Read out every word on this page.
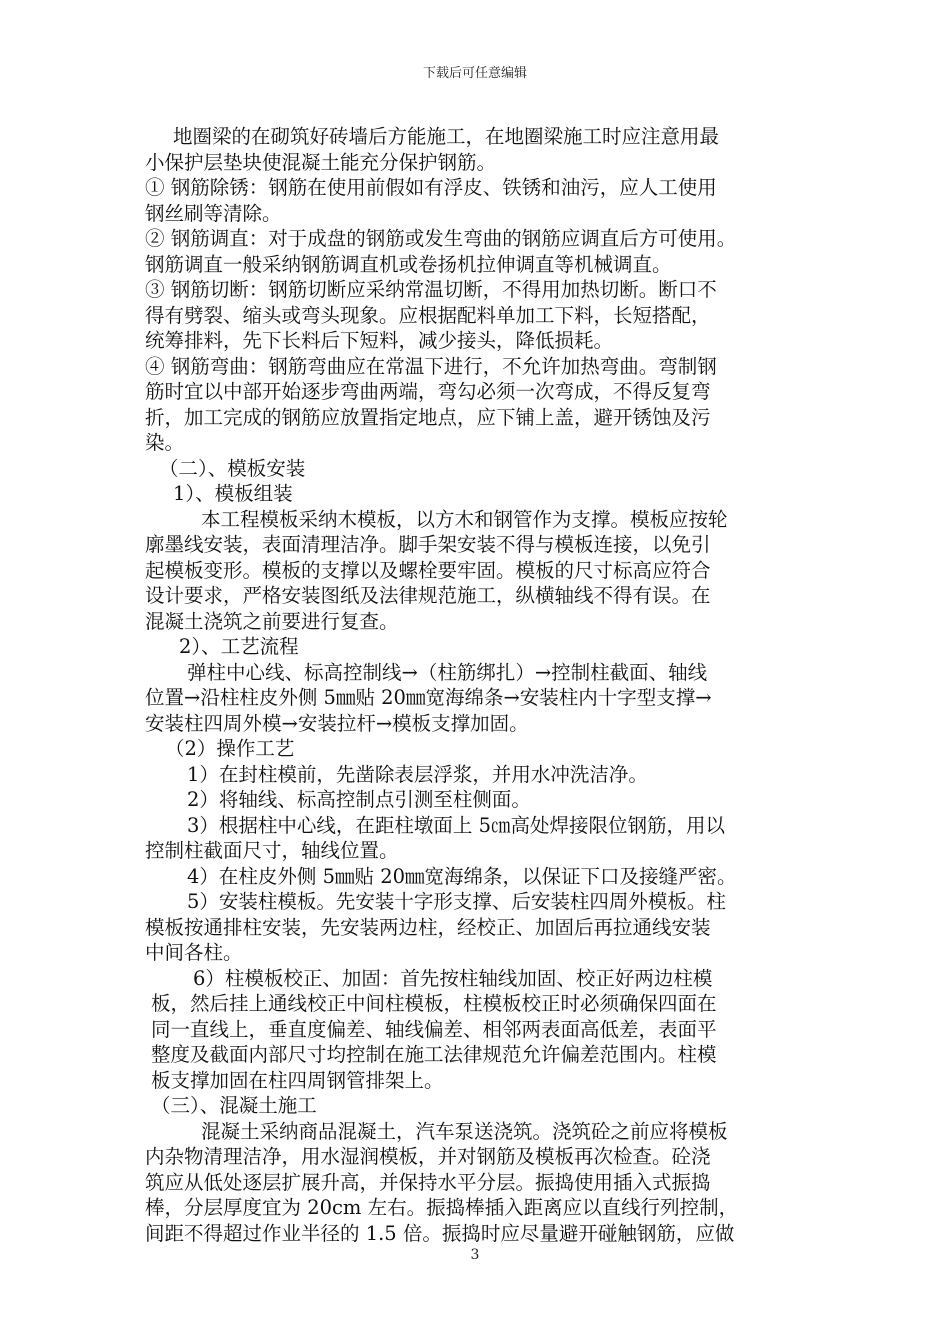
下载后可任意编辑
地圈梁的在砌筑好砖墙后方能施工，在地圈梁施工时应注意用最
小保护层垫块使混凝土能充分保护钢筋。
① 钢筋除锈：钢筋在使用前假如有浮皮、铁锈和油污，应人工使用
钢丝刷等清除。
② 钢筋调直：对于成盘的钢筋或发生弯曲的钢筋应调直后方可使用。
钢筋调直一般采纳钢筋调直机或卷扬机拉伸调直等机械调直。
③ 钢筋切断：钢筋切断应采纳常温切断，不得用加热切断。断口不
得有劈裂、缩头或弯头现象。应根据配料单加工下料，长短搭配，
统筹排料，先下长料后下短料，减少接头，降低损耗。
④ 钢筋弯曲：钢筋弯曲应在常温下进行，不允许加热弯曲。弯制钢
筋时宜以中部开始逐步弯曲两端，弯勾必须一次弯成，不得反复弯
折，加工完成的钢筋应放置指定地点，应下铺上盖，避开锈蚀及污
染。
（二）、模板安装
1）、模板组装
本工程模板采纳木模板，以方木和钢管作为支撑。模板应按轮
廓墨线安装，表面清理洁净。脚手架安装不得与模板连接，以免引
起模板变形。模板的支撑以及螺栓要牢固。模板的尺寸标高应符合
设计要求，严格安装图纸及法律规范施工，纵横轴线不得有误。在
混凝土浇筑之前要进行复查。
2）、工艺流程
弹柱中心线、标高控制线→（柱筋绑扎）→控制柱截面、轴线
位置→沿柱柱皮外侧 5㎜贴 20㎜宽海绵条→安装柱内十字型支撑→
安装柱四周外模→安装拉杆→模板支撑加固。
（2）操作工艺
1）在封柱模前，先凿除表层浮浆，并用水冲洗洁净。
2）将轴线、标高控制点引测至柱侧面。
3）根据柱中心线，在距柱墩面上 5㎝高处焊接限位钢筋，用以
控制柱截面尺寸，轴线位置。
4）在柱皮外侧 5㎜贴 20㎜宽海绵条，以保证下口及接缝严密。
5）安装柱模板。先安装十字形支撑、后安装柱四周外模板。柱
模板按通排柱安装，先安装两边柱，经校正、加固后再拉通线安装
中间各柱。
6）柱模板校正、加固：首先按柱轴线加固、校正好两边柱模
板，然后挂上通线校正中间柱模板，柱模板校正时必须确保四面在
同一直线上，垂直度偏差、轴线偏差、相邻两表面高低差，表面平
整度及截面内部尺寸均控制在施工法律规范允许偏差范围内。柱模
板支撑加固在柱四周钢管排架上。
（三）、混凝土施工
混凝土采纳商品混凝土，汽车泵送浇筑。浇筑砼之前应将模板
内杂物清理洁净，用水湿润模板，并对钢筋及模板再次检查。砼浇
筑应从低处逐层扩展升高，并保持水平分层。振捣使用插入式振捣
棒，分层厚度宜为 20cm 左右。振捣棒插入距离应以直线行列控制，
间距不得超过作业半径的 1.5 倍。振捣时应尽量避开碰触钢筋，应做
3
